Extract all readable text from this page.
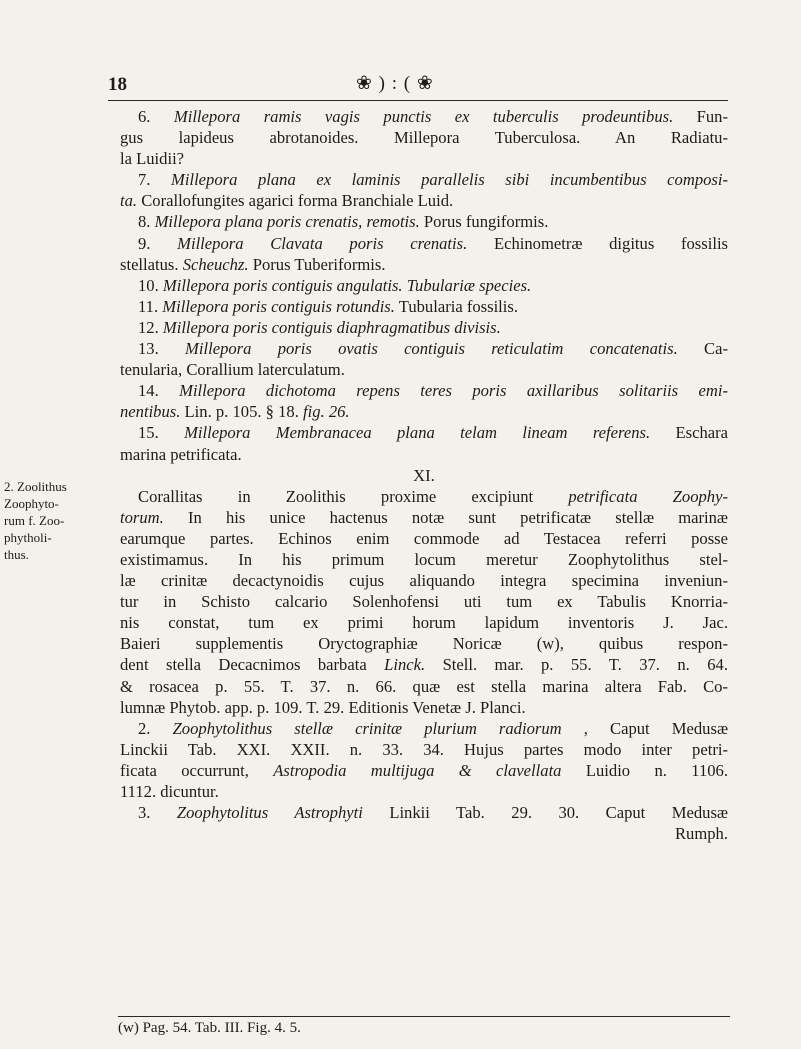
18	❀ ) : ( ❀
6. Millepora ramis vagis punctis ex tuberculis prodeuntibus. Fun-
gus lapideus abrotanoides. Millepora Tuberculosa. An Radiatu-
la Luidii?
7. Millepora plana ex laminis parallelis sibi incumbentibus composi-
ta. Corallofungites agarici forma Branchiale Luid.
8. Millepora plana poris crenatis, remotis. Porus fungiformis.
9. Millepora Clavata poris crenatis. Echinometræ digitus fossilis
stellatus. Scheuchz. Porus Tuberiformis.
10. Millepora poris contiguis angulatis. Tubulariæ species.
11. Millepora poris contiguis rotundis. Tubularia fossilis.
12. Millepora poris contiguis diaphragmatibus divisis.
13. Millepora poris ovatis contiguis reticulatim concatenatis. Ca-
tenularia, Corallium laterculatum.
14. Millepora dichotoma repens teres poris axillaribus solitariis emi-
nentibus. Lin. p. 105. § 18. fig. 26.
15. Millepora Membranacea plana telam lineam referens. Eschara
marina petrificata.
XI.
Corallitas in Zoolithis proxime excipiunt petrificata Zoophy-
torum. In his unice hactenus notæ sunt petrificatæ stellæ marinæ
earumque partes. Echinos enim commode ad Testacea referri posse
existimamus. In his primum locum meretur Zoophytolithus stel-
læ crinitæ decactynoidis cujus aliquando integra specimina inveniun-
tur in Schisto calcario Solenhofensi uti tum ex Tabulis Knorria-
nis constat, tum ex primi horum lapidum inventoris J. Jac.
Baieri supplementis Oryctographiæ Noricæ (w), quibus respon-
dent stella Decacnimos barbata Linck. Stell. mar. p. 55. T. 37. n. 64.
& rosacea p. 55. T. 37. n. 66. quæ est stella marina altera Fab. Co-
lumnæ Phytob. app. p. 109. T. 29. Editionis Venetæ J. Planci.
2. Zoophytolithus stellæ crinitæ plurium radiorum , Caput Medusæ
Linckii Tab. XXI. XXII. n. 33. 34. Hujus partes modo inter petri-
ficata occurrunt, Astropodia multijuga & clavellata Luidio n. 1106.
1112. dicuntur.
3. Zoophytolitus Astrophyti Linkii Tab. 29. 30. Caput Medusæ
Rumph.
2. Zoolithus
Zoophyto-
rum f. Zoo-
phytholi-
thus.
(w) Pag. 54. Tab. III. Fig. 4. 5.
